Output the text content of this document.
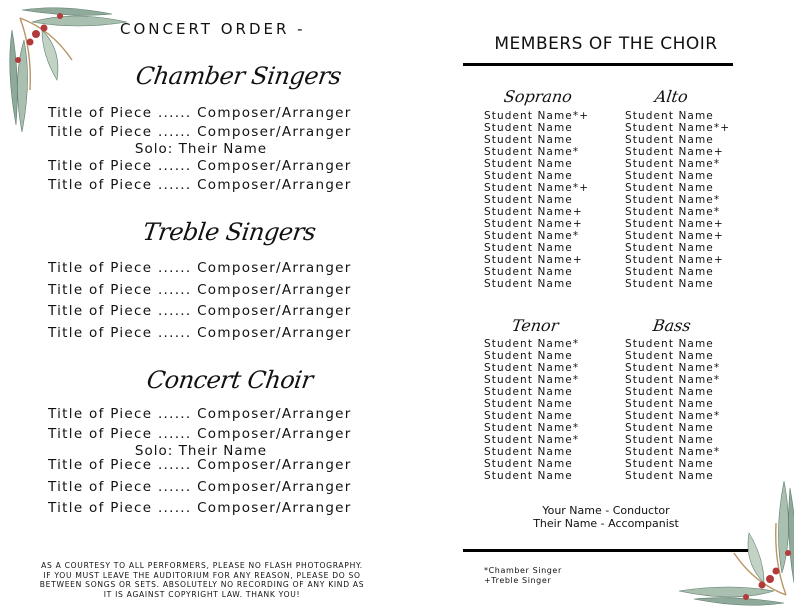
CONCERT ORDER -
Chamber Singers
Title of Piece ...... Composer/Arranger
Title of Piece ...... Composer/Arranger
Solo: Their Name
Title of Piece ...... Composer/Arranger
Title of Piece ...... Composer/Arranger
Treble Singers
Title of Piece ...... Composer/Arranger
Title of Piece ...... Composer/Arranger
Title of Piece ...... Composer/Arranger
Title of Piece ...... Composer/Arranger
Concert Choir
Title of Piece ...... Composer/Arranger
Title of Piece ...... Composer/Arranger
Solo: Their Name
Title of Piece ...... Composer/Arranger
Title of Piece ...... Composer/Arranger
Title of Piece ...... Composer/Arranger
AS A COURTESY TO ALL PERFORMERS, PLEASE NO FLASH PHOTOGRAPHY. IF YOU MUST LEAVE THE AUDITORIUM FOR ANY REASON, PLEASE DO SO BETWEEN SONGS OR SETS. ABSOLUTELY NO RECORDING OF ANY KIND AS IT IS AGAINST COPYRIGHT LAW. THANK YOU!
MEMBERS OF THE CHOIR
Soprano
Student Name*+
Student Name
Student Name
Student Name*
Student Name
Student Name
Student Name*+
Student Name
Student Name+
Student Name+
Student Name*
Student Name
Student Name+
Student Name
Student Name
Alto
Student Name
Student Name*+
Student Name
Student Name+
Student Name*
Student Name
Student Name
Student Name*
Student Name*
Student Name+
Student Name+
Student Name
Student Name+
Student Name
Student Name
Tenor
Student Name*
Student Name
Student Name*
Student Name*
Student Name
Student Name
Student Name
Student Name*
Student Name*
Student Name
Student Name
Student Name
Bass
Student Name
Student Name
Student Name*
Student Name*
Student Name
Student Name
Student Name*
Student Name
Student Name
Student Name*
Student Name
Student Name
Your Name - Conductor
Their Name - Accompanist
*Chamber Singer
+Treble Singer
